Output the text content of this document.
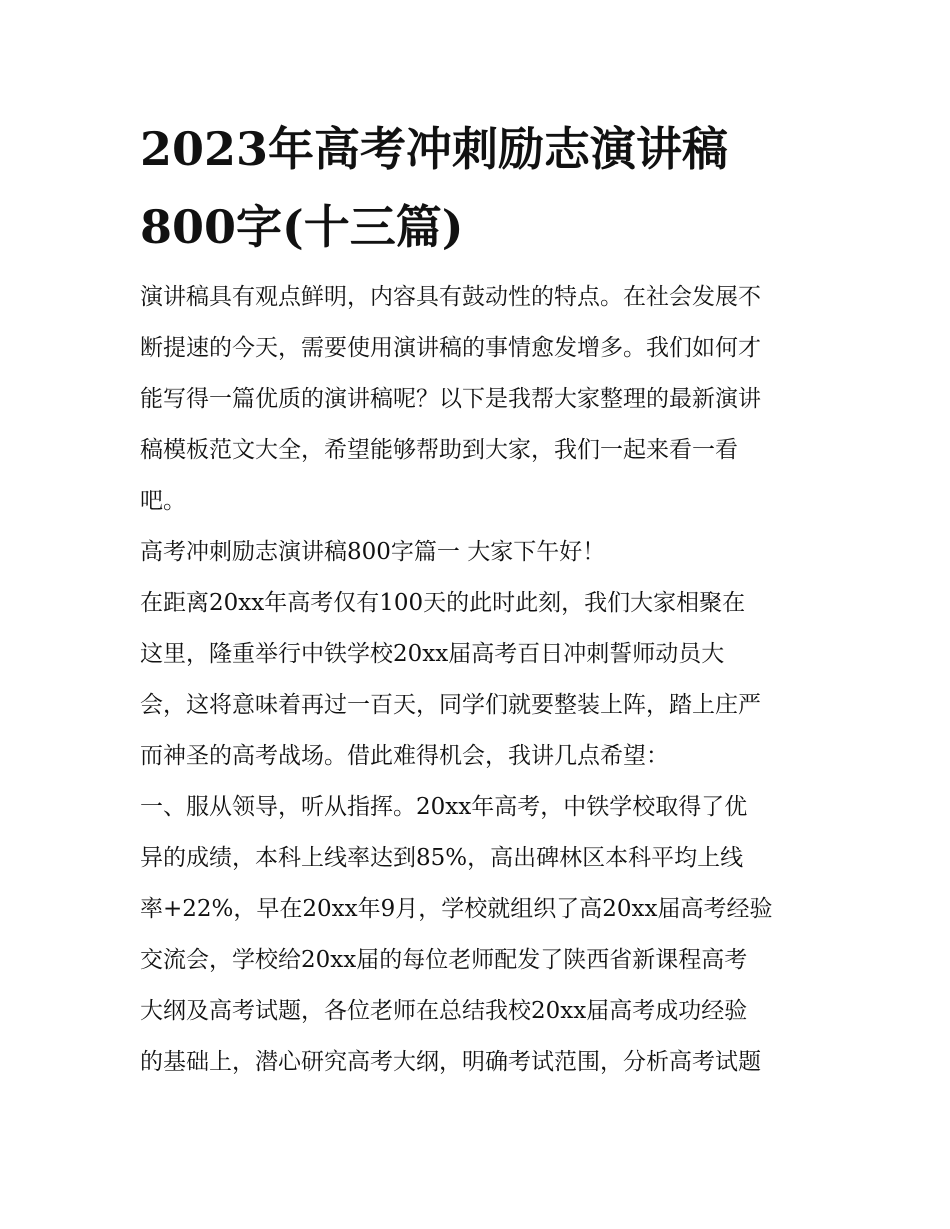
2023年高考冲刺励志演讲稿
800字(十三篇)
演讲稿具有观点鲜明，内容具有鼓动性的特点。在社会发展不
断提速的今天，需要使用演讲稿的事情愈发增多。我们如何才
能写得一篇优质的演讲稿呢？以下是我帮大家整理的最新演讲
稿模板范文大全，希望能够帮助到大家，我们一起来看一看
吧。
高考冲刺励志演讲稿800字篇一 大家下午好！
在距离20xx年高考仅有100天的此时此刻，我们大家相聚在
这里，隆重举行中铁学校20xx届高考百日冲刺誓师动员大
会，这将意味着再过一百天，同学们就要整装上阵，踏上庄严
而神圣的高考战场。借此难得机会，我讲几点希望：
一、服从领导，听从指挥。20xx年高考，中铁学校取得了优
异的成绩，本科上线率达到85%，高出碑林区本科平均上线
率+22%，早在20xx年9月，学校就组织了高20xx届高考经验
交流会，学校给20xx届的每位老师配发了陕西省新课程高考
大纲及高考试题，各位老师在总结我校20xx届高考成功经验
的基础上，潜心研究高考大纲，明确考试范围，分析高考试题
